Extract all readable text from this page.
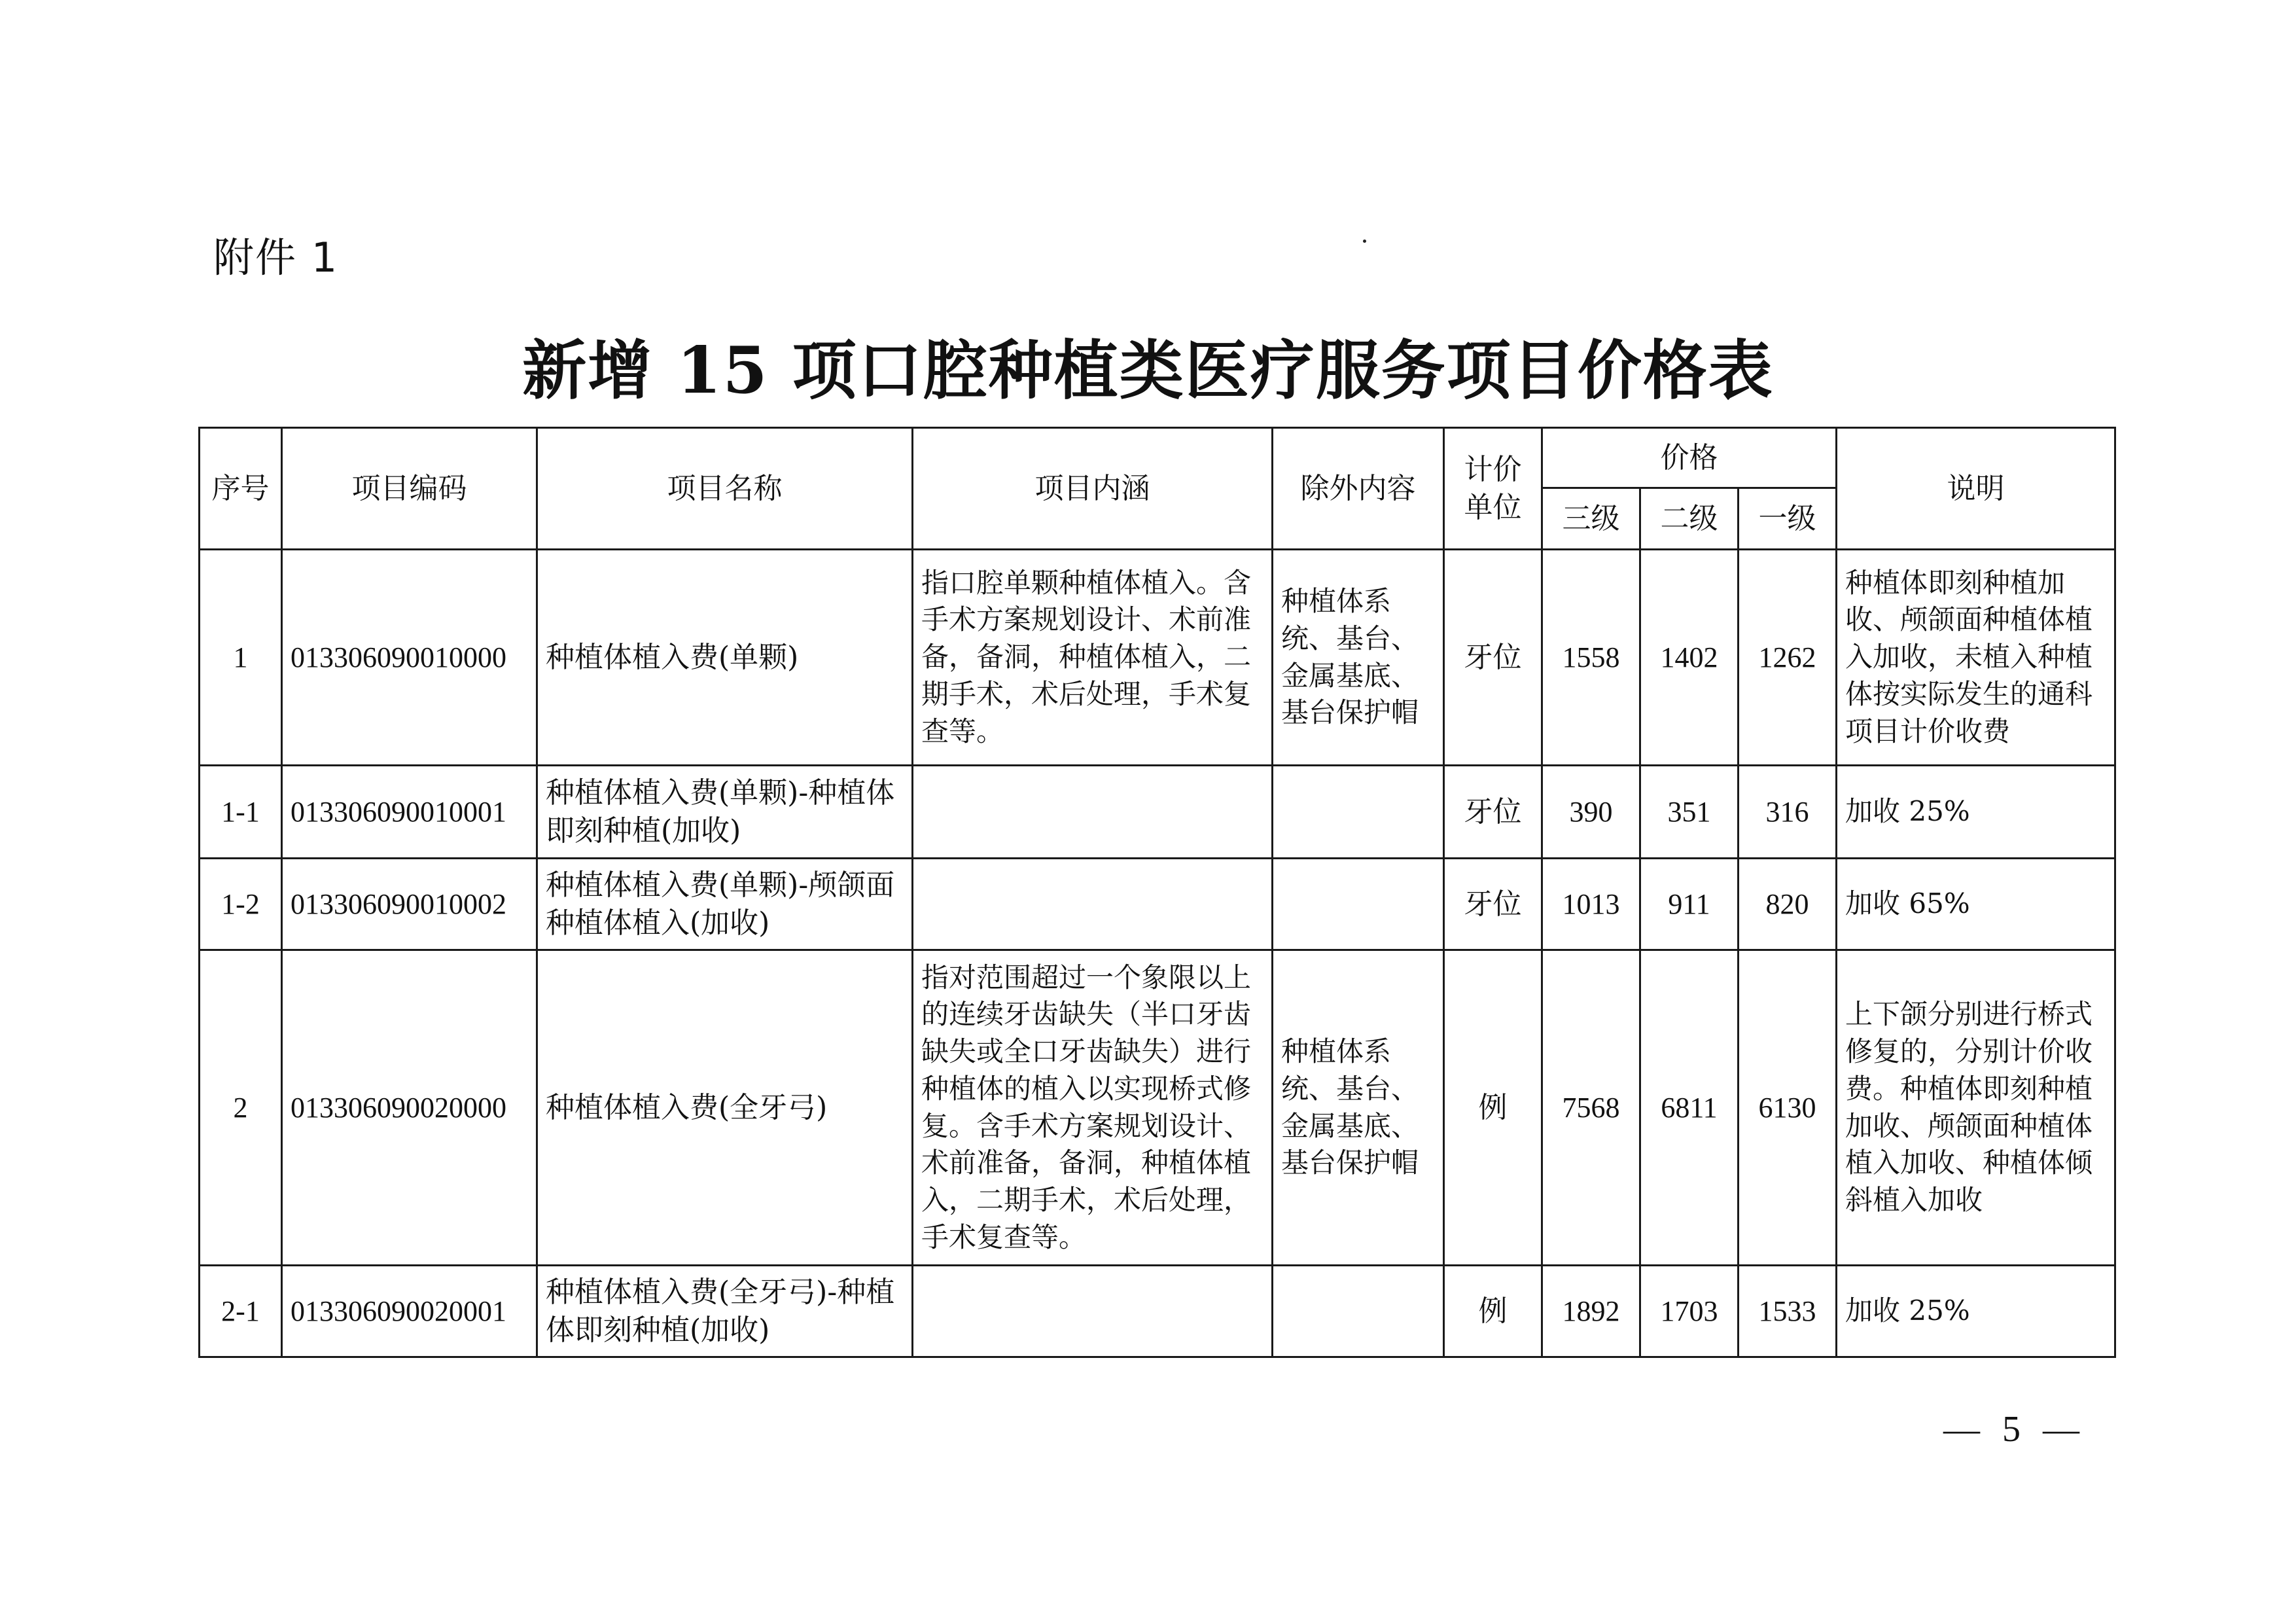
附件 1
新增 15 项口腔种植类医疗服务项目价格表
序号	项目编码	项目名称	项目内涵	除外内容	计价单位	价格			说明
						三级	二级	一级	
1	013306090010000	种植体植入费(单颗)	指口腔单颗种植体植入。含手术方案规划设计、术前准备，备洞，种植体植入，二期手术，术后处理，手术复查等。	种植体系统、基台、金属基底、基台保护帽	牙位	1558	1402	1262	种植体即刻种植加收、颅颌面种植体植入加收，未植入种植体按实际发生的通科项目计价收费
1-1	013306090010001	种植体植入费(单颗)-种植体即刻种植(加收)			牙位	390	351	316	加收 25%
1-2	013306090010002	种植体植入费(单颗)-颅颌面种植体植入(加收)			牙位	1013	911	820	加收 65%
2	013306090020000	种植体植入费(全牙弓)	指对范围超过一个象限以上的连续牙齿缺失（半口牙齿缺失或全口牙齿缺失）进行种植体的植入以实现桥式修复。含手术方案规划设计、术前准备，备洞，种植体植入，二期手术，术后处理，手术复查等。	种植体系统、基台、金属基底、基台保护帽	例	7568	6811	6130	上下颌分别进行桥式修复的，分别计价收费。种植体即刻种植加收、颅颌面种植体植入加收、种植体倾斜植入加收
2-1	013306090020001	种植体植入费(全牙弓)-种植体即刻种植(加收)			例	1892	1703	1533	加收 25%
— 5 —
